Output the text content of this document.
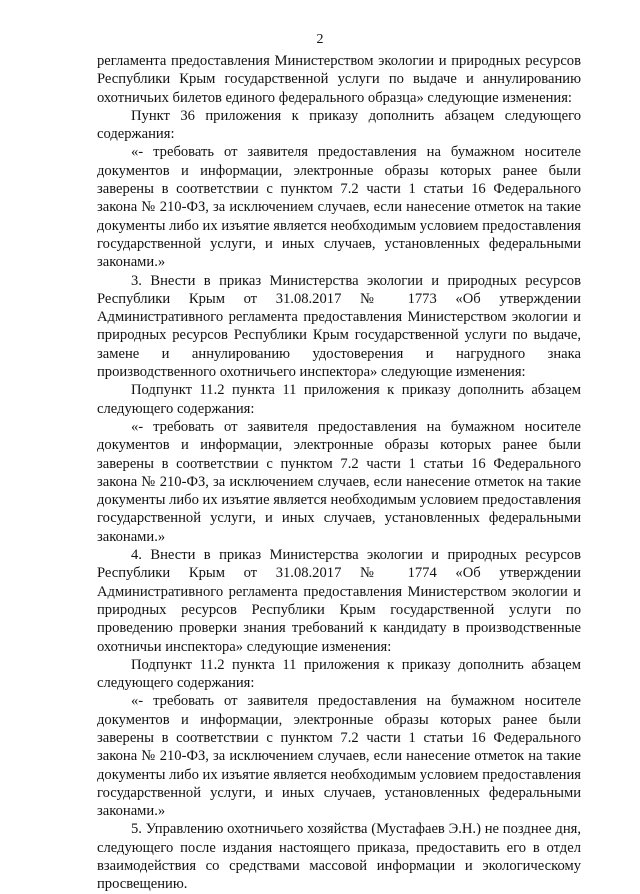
2

регламента предоставления Министерством экологии и природных ресурсов Республики Крым государственной услуги по выдаче и аннулированию охотничьих билетов единого федерального образца» следующие изменения:

Пункт 36 приложения к приказу дополнить абзацем следующего содержания:

«- требовать от заявителя предоставления на бумажном носителе документов и информации, электронные образы которых ранее были заверены в соответствии с пунктом 7.2 части 1 статьи 16 Федерального закона № 210-ФЗ, за исключением случаев, если нанесение отметок на такие документы либо их изъятие является необходимым условием предоставления государственной услуги, и иных случаев, установленных федеральными законами.»

3. Внести в приказ Министерства экологии и природных ресурсов Республики Крым от 31.08.2017 № 1773 «Об утверждении Административного регламента предоставления Министерством экологии и природных ресурсов Республики Крым государственной услуги по выдаче, замене и аннулированию удостоверения и нагрудного знака производственного охотничьего инспектора» следующие изменения:

Подпункт 11.2 пункта 11 приложения к приказу дополнить абзацем следующего содержания:

«- требовать от заявителя предоставления на бумажном носителе документов и информации, электронные образы которых ранее были заверены в соответствии с пунктом 7.2 части 1 статьи 16 Федерального закона № 210-ФЗ, за исключением случаев, если нанесение отметок на такие документы либо их изъятие является необходимым условием предоставления государственной услуги, и иных случаев, установленных федеральными законами.»

4. Внести в приказ Министерства экологии и природных ресурсов Республики Крым от 31.08.2017 № 1774 «Об утверждении Административного регламента предоставления Министерством экологии и природных ресурсов Республики Крым государственной услуги по проведению проверки знания требований к кандидату в производственные охотничьи инспектора» следующие изменения:

Подпункт 11.2 пункта 11 приложения к приказу дополнить абзацем следующего содержания:

«- требовать от заявителя предоставления на бумажном носителе документов и информации, электронные образы которых ранее были заверены в соответствии с пунктом 7.2 части 1 статьи 16 Федерального закона № 210-ФЗ, за исключением случаев, если нанесение отметок на такие документы либо их изъятие является необходимым условием предоставления государственной услуги, и иных случаев, установленных федеральными законами.»

5. Управлению охотничьего хозяйства (Мустафаев Э.Н.) не позднее дня, следующего после издания настоящего приказа, предоставить его в отдел взаимодействия со средствами массовой информации и экологическому просвещению.
